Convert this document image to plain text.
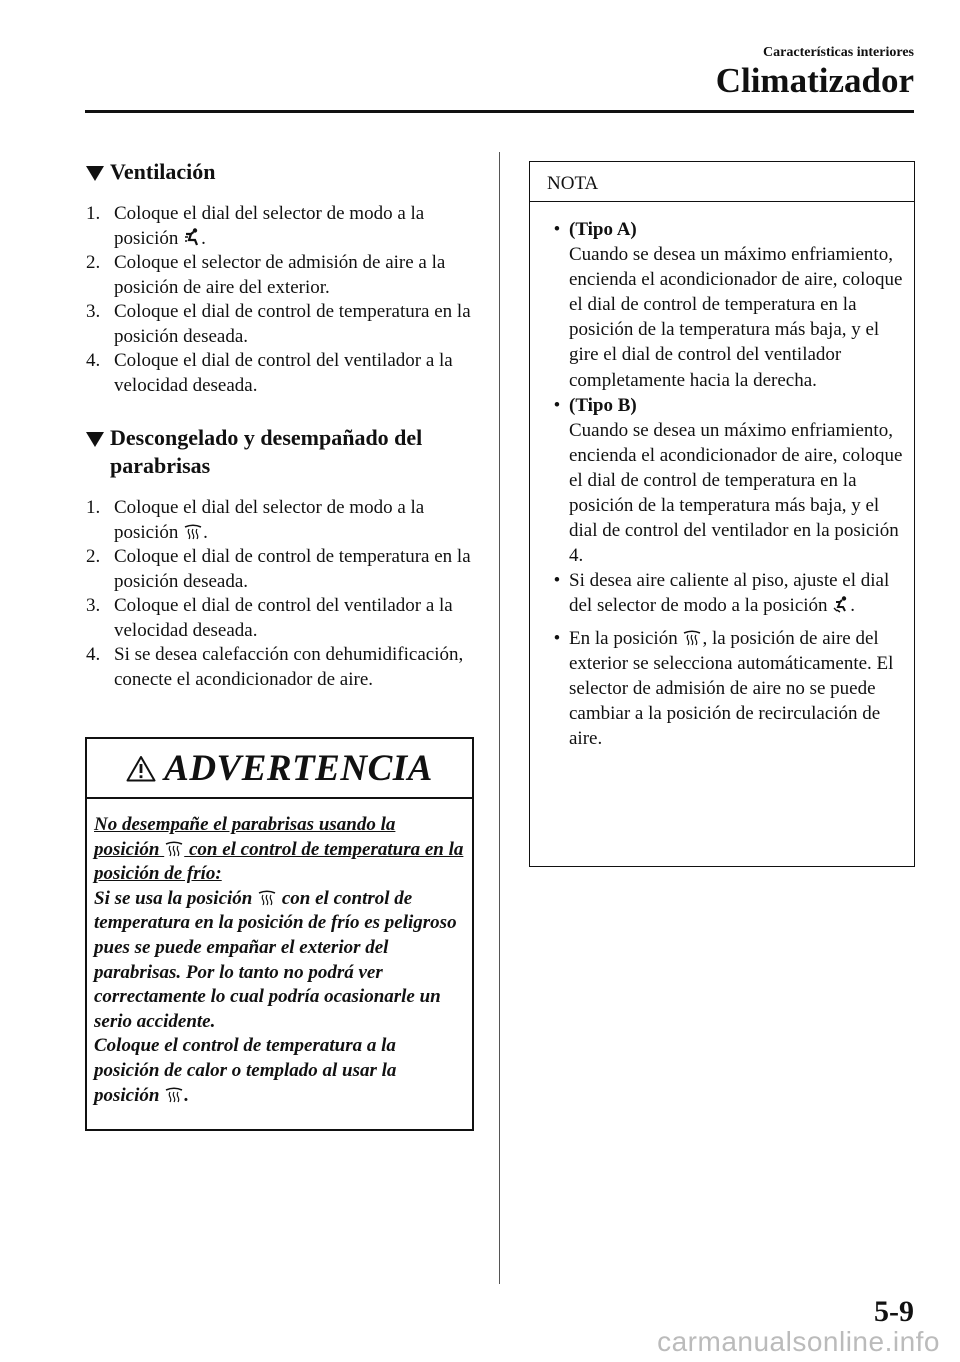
Características interiores
Climatizador
Ventilación
1. Coloque el dial del selector de modo a la posición .
2. Coloque el selector de admisión de aire a la posición de aire del exterior.
3. Coloque el dial de control de temperatura en la posición deseada.
4. Coloque el dial de control del ventilador a la velocidad deseada.
Descongelado y desempañado del parabrisas
1. Coloque el dial del selector de modo a la posición .
2. Coloque el dial de control de temperatura en la posición deseada.
3. Coloque el dial de control del ventilador a la velocidad deseada.
4. Si se desea calefacción con dehumidificación, conecte el acondicionador de aire.
ADVERTENCIA
No desempañe el parabrisas usando la posición con el control de temperatura en la posición de frío:
Si se usa la posición con el control de temperatura en la posición de frío es peligroso pues se puede empañar el exterior del parabrisas. Por lo tanto no podrá ver correctamente lo cual podría ocasionarle un serio accidente.
Coloque el control de temperatura a la posición de calor o templado al usar la posición .
NOTA
• (Tipo A)
Cuando se desea un máximo enfriamiento, encienda el acondicionador de aire, coloque el dial de control de temperatura en la posición de la temperatura más baja, y el gire el dial de control del ventilador completamente hacia la derecha.
• (Tipo B)
Cuando se desea un máximo enfriamiento, encienda el acondicionador de aire, coloque el dial de control de temperatura en la posición de la temperatura más baja, y el dial de control del ventilador en la posición 4.
• Si desea aire caliente al piso, ajuste el dial del selector de modo a la posición .
• En la posición , la posición de aire del exterior se selecciona automáticamente. El selector de admisión de aire no se puede cambiar a la posición de recirculación de aire.
5-9
carmanualsonline.info
